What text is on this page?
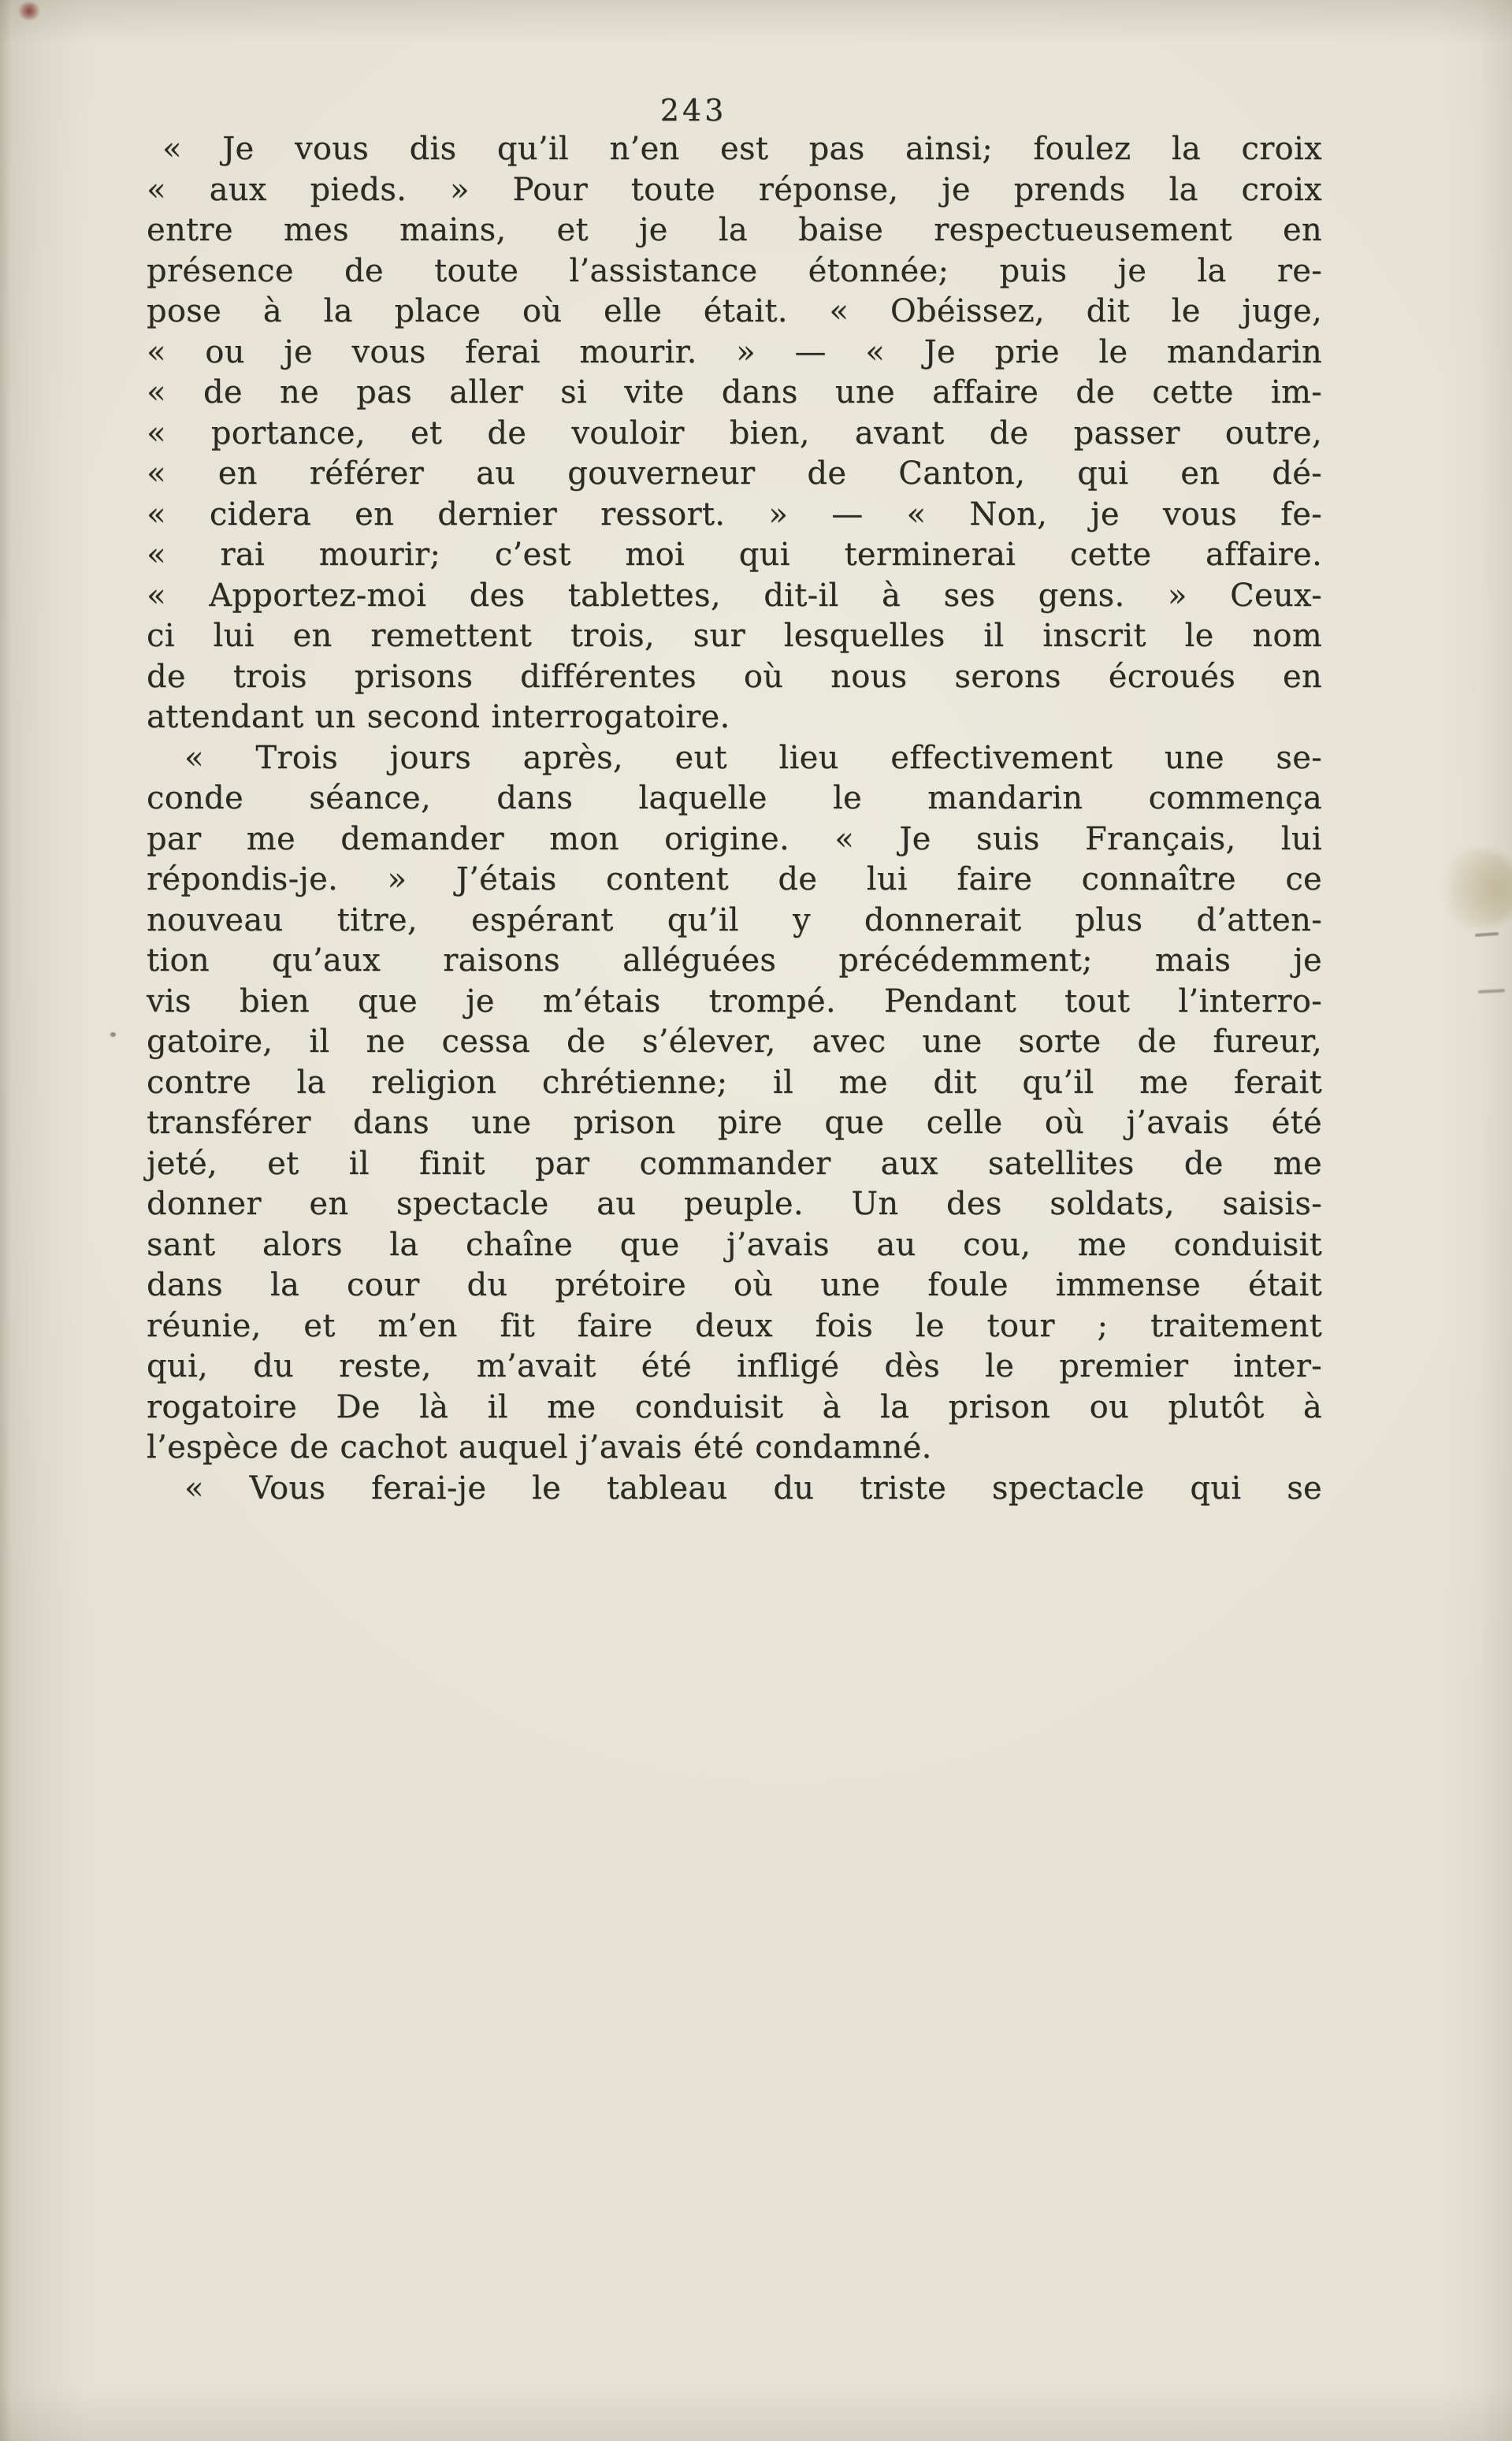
243
« Je vous dis qu’il n’en est pas ainsi; foulez la croix
« aux pieds. » Pour toute réponse, je prends la croix
entre mes mains, et je la baise respectueusement en
présence de toute l’assistance étonnée; puis je la re-
pose à la place où elle était. « Obéissez, dit le juge,
« ou je vous ferai mourir. » — « Je prie le mandarin
« de ne pas aller si vite dans une affaire de cette im-
« portance, et de vouloir bien, avant de passer outre,
« en référer au gouverneur de Canton, qui en dé-
« cidera en dernier ressort. » — « Non, je vous fe-
« rai mourir; c’est moi qui terminerai cette affaire.
« Apportez-moi des tablettes, dit-il à ses gens. » Ceux-
ci lui en remettent trois, sur lesquelles il inscrit le nom
de trois prisons différentes où nous serons écroués en
attendant un second interrogatoire.
« Trois jours après, eut lieu effectivement une se-
conde séance, dans laquelle le mandarin commença
par me demander mon origine. « Je suis Français, lui
répondis-je. » J’étais content de lui faire connaître ce
nouveau titre, espérant qu’il y donnerait plus d’atten-
tion qu’aux raisons alléguées précédemment; mais je
vis bien que je m’étais trompé. Pendant tout l’interro-
gatoire, il ne cessa de s’élever, avec une sorte de fureur,
contre la religion chrétienne; il me dit qu’il me ferait
transférer dans une prison pire que celle où j’avais été
jeté, et il finit par commander aux satellites de me
donner en spectacle au peuple. Un des soldats, saisis-
sant alors la chaîne que j’avais au cou, me conduisit
dans la cour du prétoire où une foule immense était
réunie, et m’en fit faire deux fois le tour ; traitement
qui, du reste, m’avait été infligé dès le premier inter-
rogatoire De là il me conduisit à la prison ou plutôt à
l’espèce de cachot auquel j’avais été condamné.
« Vous ferai-je le tableau du triste spectacle qui se
